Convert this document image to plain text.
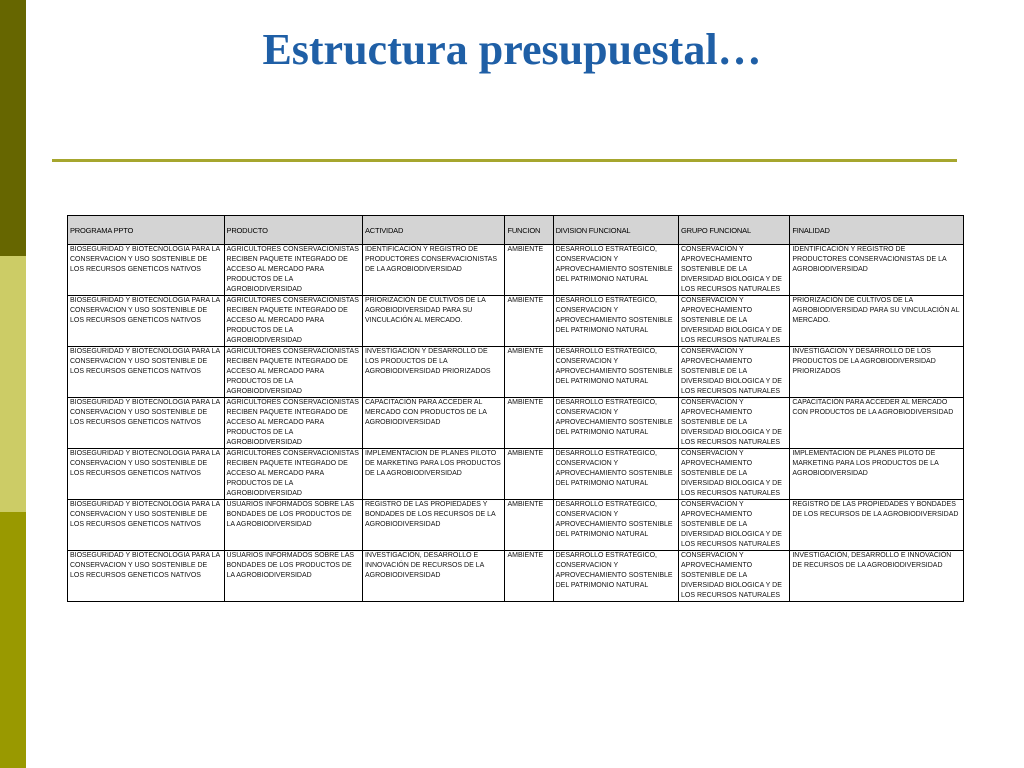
Estructura presupuestal…
PROGRAMA PPTO	PRODUCTO	ACTIVIDAD	FUNCION	DIVISION FUNCIONAL	GRUPO FUNCIONAL	FINALIDAD
BIOSEGURIDAD Y BIOTECNOLOGIA PARA LA CONSERVACION Y USO SOSTENIBLE DE LOS RECURSOS GENETICOS NATIVOS	AGRICULTORES CONSERVACIONISTAS RECIBEN PAQUETE INTEGRADO DE ACCESO AL MERCADO PARA PRODUCTOS DE LA AGROBIODIVERSIDAD	IDENTIFICACIÓN Y REGISTRO DE PRODUCTORES CONSERVACIONISTAS DE LA AGROBIODIVERSIDAD	AMBIENTE	DESARROLLO ESTRATEGICO, CONSERVACION Y APROVECHAMIENTO SOSTENIBLE DEL PATRIMONIO NATURAL	CONSERVACION Y APROVECHAMIENTO SOSTENIBLE DE LA DIVERSIDAD BIOLOGICA Y DE LOS RECURSOS NATURALES	IDENTIFICACIÓN Y REGISTRO DE PRODUCTORES CONSERVACIONISTAS DE LA AGROBIODIVERSIDAD
BIOSEGURIDAD Y BIOTECNOLOGIA PARA LA CONSERVACION Y USO SOSTENIBLE DE LOS RECURSOS GENETICOS NATIVOS	AGRICULTORES CONSERVACIONISTAS RECIBEN PAQUETE INTEGRADO DE ACCESO AL MERCADO PARA PRODUCTOS DE LA AGROBIODIVERSIDAD	PRIORIZACIÓN DE CULTIVOS DE LA AGROBIODIVERSIDAD PARA SU VINCULACIÓN AL MERCADO.	AMBIENTE	DESARROLLO ESTRATEGICO, CONSERVACION Y APROVECHAMIENTO SOSTENIBLE DEL PATRIMONIO NATURAL	CONSERVACION Y APROVECHAMIENTO SOSTENIBLE DE LA DIVERSIDAD BIOLOGICA Y DE LOS RECURSOS NATURALES	PRIORIZACIÓN DE CULTIVOS DE LA AGROBIODIVERSIDAD PARA SU VINCULACIÓN AL MERCADO.
BIOSEGURIDAD Y BIOTECNOLOGIA PARA LA CONSERVACION Y USO SOSTENIBLE DE LOS RECURSOS GENETICOS NATIVOS	AGRICULTORES CONSERVACIONISTAS RECIBEN PAQUETE INTEGRADO DE ACCESO AL MERCADO PARA PRODUCTOS DE LA AGROBIODIVERSIDAD	INVESTIGACION Y DESARROLLO DE LOS PRODUCTOS DE LA AGROBIODIVERSIDAD PRIORIZADOS	AMBIENTE	DESARROLLO ESTRATEGICO, CONSERVACION Y APROVECHAMIENTO SOSTENIBLE DEL PATRIMONIO NATURAL	CONSERVACION Y APROVECHAMIENTO SOSTENIBLE DE LA DIVERSIDAD BIOLOGICA Y DE LOS RECURSOS NATURALES	INVESTIGACION Y DESARROLLO DE LOS PRODUCTOS DE LA AGROBIODIVERSIDAD PRIORIZADOS
BIOSEGURIDAD Y BIOTECNOLOGIA PARA LA CONSERVACION Y USO SOSTENIBLE DE LOS RECURSOS GENETICOS NATIVOS	AGRICULTORES CONSERVACIONISTAS RECIBEN PAQUETE INTEGRADO DE ACCESO AL MERCADO PARA PRODUCTOS DE LA AGROBIODIVERSIDAD	CAPACITACIÓN PARA ACCEDER AL MERCADO CON PRODUCTOS DE LA AGROBIODIVERSIDAD	AMBIENTE	DESARROLLO ESTRATEGICO, CONSERVACION Y APROVECHAMIENTO SOSTENIBLE DEL PATRIMONIO NATURAL	CONSERVACION Y APROVECHAMIENTO SOSTENIBLE DE LA DIVERSIDAD BIOLOGICA Y DE LOS RECURSOS NATURALES	CAPACITACIÓN PARA ACCEDER AL MERCADO CON PRODUCTOS DE LA AGROBIODIVERSIDAD
BIOSEGURIDAD Y BIOTECNOLOGIA PARA LA CONSERVACION Y USO SOSTENIBLE DE LOS RECURSOS GENETICOS NATIVOS	AGRICULTORES CONSERVACIONISTAS RECIBEN PAQUETE INTEGRADO DE ACCESO AL MERCADO PARA PRODUCTOS DE LA AGROBIODIVERSIDAD	IMPLEMENTACION DE PLANES PILOTO DE MARKETING PARA LOS PRODUCTOS DE LA AGROBIODIVERSIDAD	AMBIENTE	DESARROLLO ESTRATEGICO, CONSERVACION Y APROVECHAMIENTO SOSTENIBLE DEL PATRIMONIO NATURAL	CONSERVACION Y APROVECHAMIENTO SOSTENIBLE DE LA DIVERSIDAD BIOLOGICA Y DE LOS RECURSOS NATURALES	IMPLEMENTACION DE PLANES PILOTO DE MARKETING PARA LOS PRODUCTOS DE LA AGROBIODIVERSIDAD
BIOSEGURIDAD Y BIOTECNOLOGIA PARA LA CONSERVACION Y USO SOSTENIBLE DE LOS RECURSOS GENETICOS NATIVOS	USUARIOS INFORMADOS SOBRE LAS BONDADES DE LOS PRODUCTOS DE LA AGROBIODIVERSIDAD	REGISTRO DE LAS PROPIEDADES Y BONDADES DE LOS RECURSOS DE LA AGROBIODIVERSIDAD	AMBIENTE	DESARROLLO ESTRATEGICO, CONSERVACION Y APROVECHAMIENTO SOSTENIBLE DEL PATRIMONIO NATURAL	CONSERVACION Y APROVECHAMIENTO SOSTENIBLE DE LA DIVERSIDAD BIOLOGICA Y DE LOS RECURSOS NATURALES	REGISTRO DE LAS PROPIEDADES Y BONDADES DE LOS RECURSOS DE LA AGROBIODIVERSIDAD
BIOSEGURIDAD Y BIOTECNOLOGIA PARA LA CONSERVACION Y USO SOSTENIBLE DE LOS RECURSOS GENETICOS NATIVOS	USUARIOS INFORMADOS SOBRE LAS BONDADES DE LOS PRODUCTOS DE LA AGROBIODIVERSIDAD	INVESTIGACIÓN, DESARROLLO E INNOVACIÓN DE RECURSOS DE LA AGROBIODIVERSIDAD	AMBIENTE	DESARROLLO ESTRATEGICO, CONSERVACION Y APROVECHAMIENTO SOSTENIBLE DEL PATRIMONIO NATURAL	CONSERVACION Y APROVECHAMIENTO SOSTENIBLE DE LA DIVERSIDAD BIOLOGICA Y DE LOS RECURSOS NATURALES	INVESTIGACIÓN, DESARROLLO E INNOVACIÓN DE RECURSOS DE LA AGROBIODIVERSIDAD
